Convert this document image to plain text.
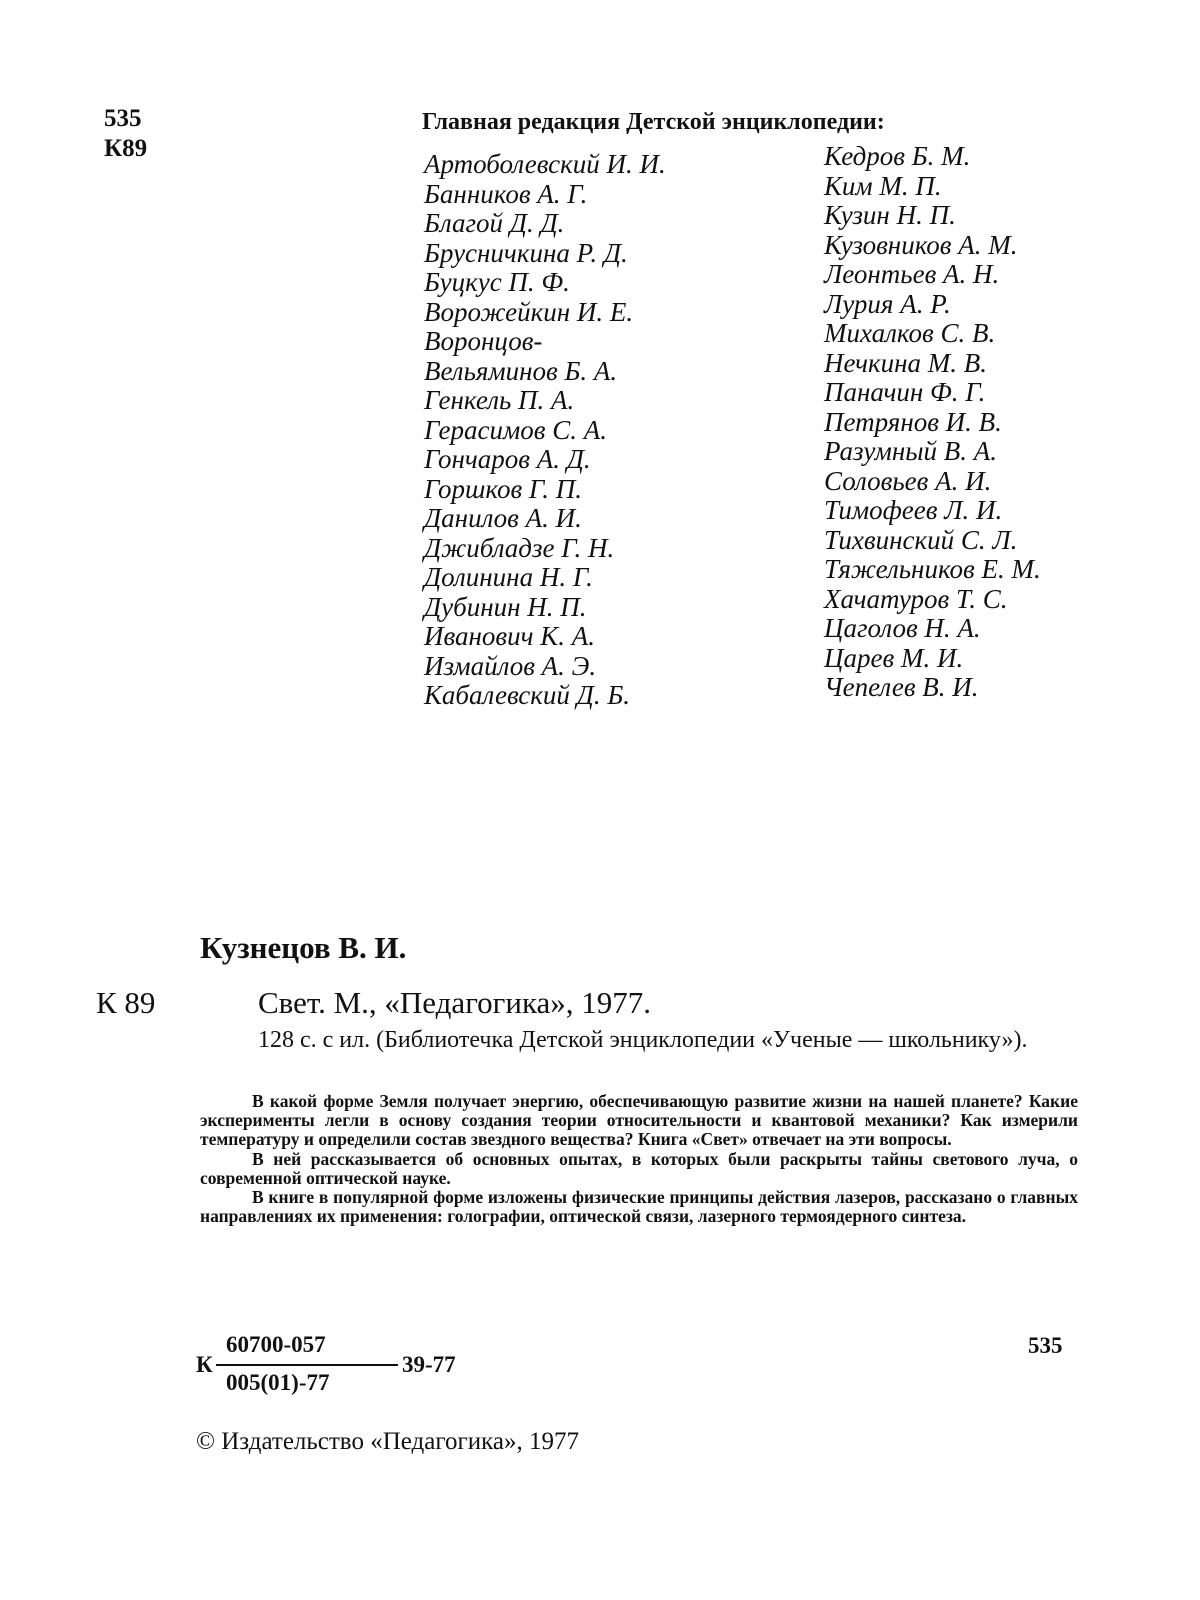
535
К89
Главная редакция Детской энциклопедии:
Артоболевский И. И.
Банников А. Г.
Благой Д. Д.
Брусничкина Р. Д.
Буцкус П. Ф.
Ворожейкин И. Е.
Воронцов-
Вельяминов Б. А.
Генкель П. А.
Герасимов С. А.
Гончаров А. Д.
Горшков Г. П.
Данилов А. И.
Джибладзе Г. Н.
Долинина Н. Г.
Дубинин Н. П.
Иванович К. А.
Измайлов А. Э.
Кабалевский Д. Б.
Кедров Б. М.
Ким М. П.
Кузин Н. П.
Кузовников А. М.
Леонтьев А. Н.
Лурия А. Р.
Михалков С. В.
Нечкина М. В.
Паначин Ф. Г.
Петрянов И. В.
Разумный В. А.
Соловьев А. И.
Тимофеев Л. И.
Тихвинский С. Л.
Тяжельников Е. М.
Хачатуров Т. С.
Цаголов Н. А.
Царев М. И.
Чепелев В. И.
Кузнецов В. И.
К 89	Свет. М., «Педагогика», 1977.
128 с. с ил. (Библиотечка Детской энциклопедии «Ученые — школьнику»).

В какой форме Земля получает энергию, обеспечивающую развитие жизни на нашей планете? Какие эксперименты легли в основу создания теории относительности и квантовой механики? Как измерили температуру и определили состав звездного вещества? Книга «Свет» отвечает на эти вопросы.

В ней рассказывается об основных опытах, в которых были раскрыты тайны светового луча, о современной оптической науке.

В книге в популярной форме изложены физические принципы действия лазеров, рассказано о главных направлениях их применения: голографии, оптической связи, лазерного термоядерного синтеза.

К
60700-057
005(01)-77
39-77
535
© Издательство «Педагогика», 1977
